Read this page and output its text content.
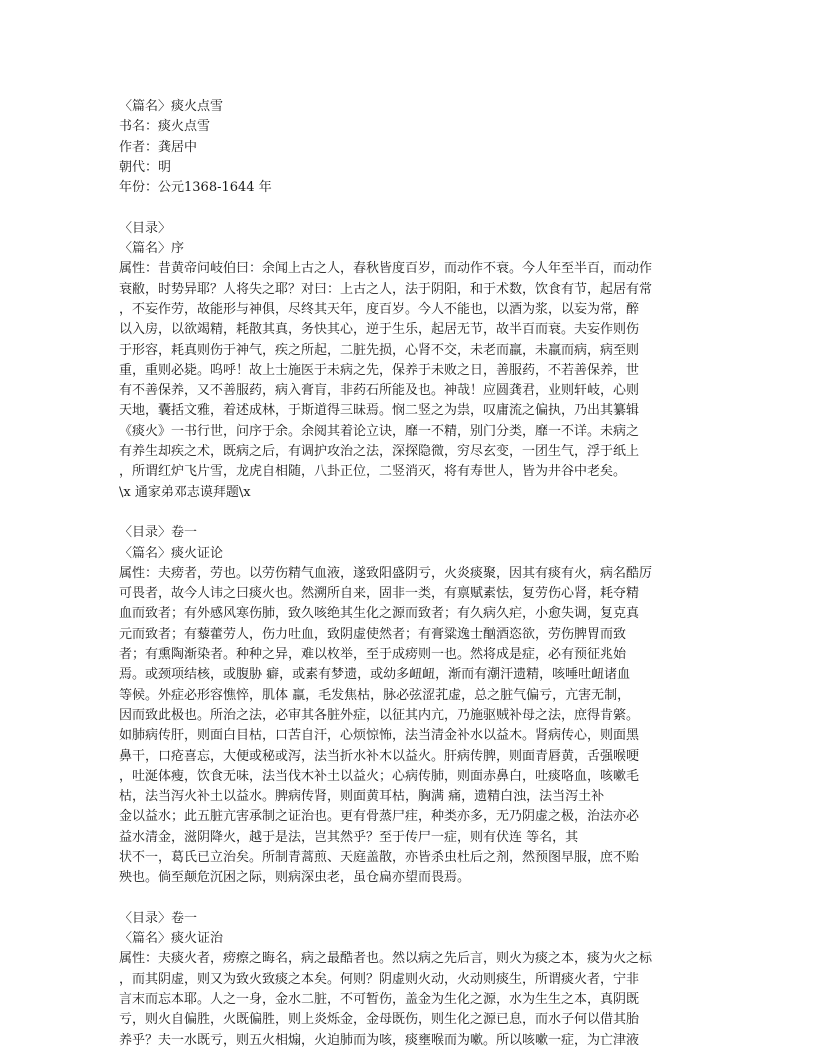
〈篇名〉痰火点雪
书名：痰火点雪
作者：龚居中
朝代：明
年份：公元1368-1644 年
〈目录〉
〈篇名〉序
属性：昔黄帝问岐伯曰：余闻上古之人，春秋皆度百岁，而动作不衰。今人年至半百，而动作
衰敝，时势异耶？人将失之耶？对曰：上古之人，法于阴阳，和于术数，饮食有节，起居有常
，不妄作劳，故能形与神俱，尽终其天年，度百岁。今人不能也，以酒为浆，以妄为常，醉
以入房，以欲竭精，耗散其真，务快其心，逆于生乐，起居无节，故半百而衰。夫妄作则伤
于形容，耗真则伤于神气，疾之所起，二脏先损，心肾不交，未老而羸，未羸而病，病至则
重，重则必毙。呜呼！故上士施医于未病之先，保养于未败之日，善服药，不若善保养，世
有不善保养，又不善服药，病入膏肓，非药石所能及也。神哉！应圆龚君，业则轩岐，心则
天地，囊括文雅，着述成林，于斯道得三昧焉。悯二竖之为祟，叹庸流之偏执，乃出其纂辑
《痰火》一书行世，问序于余。余阅其着论立诀，靡一不精，别门分类，靡一不详。未病之
有养生却疾之术，既病之后，有调护攻治之法，深探隐微，穷尽玄变，一团生气，浮于纸上
，所谓红炉飞片雪，龙虎自相随，八卦正位，二竖消灭，将有寿世人，皆为井谷中老矣。
\x 通家弟邓志谟拜题\x
〈目录〉卷一
〈篇名〉痰火证论
属性：夫痨者，劳也。以劳伤精气血液，遂致阳盛阴亏，火炎痰聚，因其有痰有火，病名酷厉
可畏者，故今人讳之曰痰火也。然溯所自来，固非一类，有禀赋素怯，复劳伤心肾，耗夺精
血而致者；有外感风寒伤肺，致久咳绝其生化之源而致者；有久病久疟，小愈失调，复克真
元而致者；有藜藿劳人，伤力吐血，致阴虚使然者；有膏粱逸士酗酒恣欲，劳伤脾胃而致
者；有熏陶渐染者。种种之异，难以枚举，至于成痨则一也。然将成是症，必有预征兆始
焉。或颈项结核，或腹胁 癖，或素有梦遗，或幼多衄衄，渐而有潮汗遗精，咳唾吐衄诸血
等候。外症必形容憔悴，肌体 羸，毛发焦枯，脉必弦涩芤虚，总之脏气偏亏，亢害无制，
因而致此极也。所治之法，必审其各脏外症，以征其内亢，乃施驱贼补母之法，庶得肯綮。
如肺病传肝，则面白目枯，口苦自汗，心烦惊怖，法当清金补水以益木。肾病传心，则面黑
鼻干，口疮喜忘，大便或秘或泻，法当折水补木以益火。肝病传脾，则面青唇黄，舌强喉哽
，吐涎体瘦，饮食无味，法当伐木补土以益火；心病传肺，则面赤鼻白，吐痰咯血，咳嗽毛
枯，法当泻火补土以益水。脾病传肾，则面黄耳枯，胸满 痛，遗精白浊，法当泻土补
金以益水；此五脏亢害承制之证治也。更有骨蒸尸疰，种类亦多，无乃阴虚之极，治法亦必
益水清金，滋阴降火，越于是法，岂其然乎？至于传尸一症，则有伏连 等名，其
状不一，葛氏已立治矣。所制青蒿煎、天庭盖散，亦皆杀虫杜后之剂，然预图早服，庶不贻
殃也。倘至颠危沉困之际，则病深虫老，虽仓扁亦望而畏焉。
〈目录〉卷一
〈篇名〉痰火证治
属性：夫痰火者，痨瘵之晦名，病之最酷者也。然以病之先后言，则火为痰之本，痰为火之标
，而其阴虚，则又为致火致痰之本矣。何则？阴虚则火动，火动则痰生，所谓痰火者，宁非
言末而忘本耶。人之一身，金水二脏，不可暂伤，盖金为生化之源，水为生生之本，真阴既
亏，则火自偏胜，火既偏胜，则上炎烁金，金母既伤，则生化之源已息，而水子何以借其胎
养乎？夫一水既亏，则五火相煽，火迫肺而为咳，痰壅喉而为嗽。所以咳嗽一症，为亡津液
